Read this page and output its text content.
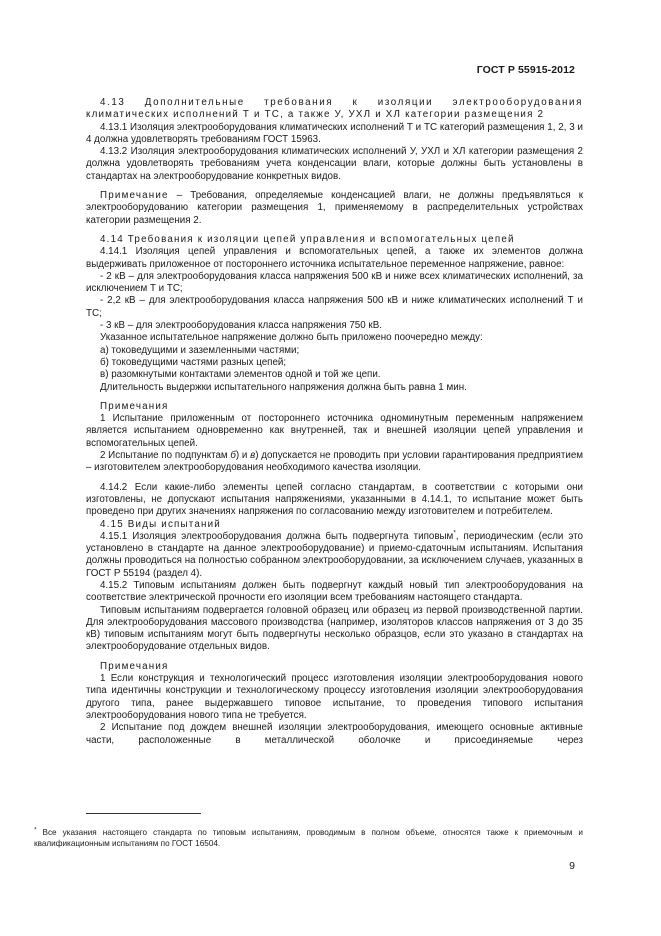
ГОСТ Р 55915-2012

4.13 Дополнительные требования к изоляции электрооборудования

климатических исполнений Т и ТС, а также У, УХЛ и ХЛ категории размещения 2

4.13.1 Изоляция электрооборудования климатических исполнений Т и ТС категорий размещения 1, 2, 3 и 4 должна удовлетворять требованиям ГОСТ 15963.

4.13.2 Изоляция электрооборудования климатических исполнений У, УХЛ и ХЛ категории размещения 2 должна удовлетворять требованиям учета конденсации влаги, которые должны быть установлены в стандартах на электрооборудование конкретных видов.

Примечание – Требования, определяемые конденсацией влаги, не должны предъявляться к электрооборудованию категории размещения 1, применяемому в распределительных устройствах категории размещения 2.

4.14 Требования к изоляции цепей управления и вспомогательных цепей

4.14.1 Изоляция цепей управления и вспомогательных цепей, а также их элементов должна выдерживать приложенное от постороннего источника испытательное переменное напряжение, равное:

- 2 кВ – для электрооборудования класса напряжения 500 кВ и ниже всех климатических исполнений, за исключением Т и ТС;

- 2,2 кВ – для электрооборудования класса напряжения 500 кВ и ниже климатических исполнений Т и ТС;

- 3 кВ – для электрооборудования класса напряжения 750 кВ.

Указанное испытательное напряжение должно быть приложено поочередно между:

а) токоведущими и заземленными частями;

б) токоведущими частями разных цепей;

в) разомкнутыми контактами элементов одной и той же цепи.

Длительность выдержки испытательного напряжения должна быть равна 1 мин.

Примечания

1 Испытание приложенным от постороннего источника одноминутным переменным напряжением является испытанием одновременно как внутренней, так и внешней изоляции цепей управления и вспомогательных цепей.

2 Испытание по подпунктам б) и в) допускается не проводить при условии гарантирования предприятием – изготовителем электрооборудования необходимого качества изоляции.

4.14.2 Если какие-либо элементы цепей согласно стандартам, в соответствии с которыми они изготовлены, не допускают испытания напряжениями, указанными в 4.14.1, то испытание может быть проведено при других значениях напряжения по согласованию между изготовителем и потребителем.

4.15 Виды испытаний

4.15.1 Изоляция электрооборудования должна быть подвергнута типовым*, периодическим (если это установлено в стандарте на данное электрооборудование) и приемо-сдаточным испытаниям. Испытания должны проводиться на полностью собранном электрооборудовании, за исключением случаев, указанных в ГОСТ Р 55194 (раздел 4).

4.15.2 Типовым испытаниям должен быть подвергнут каждый новый тип электрооборудования на соответствие электрической прочности его изоляции всем требованиям настоящего стандарта.

Типовым испытаниям подвергается головной образец или образец из первой производственной партии. Для электрооборудования массового производства (например, изоляторов классов напряжения от 3 до 35 кВ) типовым испытаниям могут быть подвергнуты несколько образцов, если это указано в стандартах на электрооборудование отдельных видов.

Примечания

1 Если конструкция и технологический процесс изготовления изоляции электрооборудования нового типа идентичны конструкции и технологическому процессу изготовления изоляции электрооборудования другого типа, ранее выдержавшего типовое испытание, то проведения типового испытания электрооборудования нового типа не требуется.

2 Испытание под дождем внешней изоляции электрооборудования, имеющего основные активные части, расположенные в металлической оболочке и присоединяемые через

* Все указания настоящего стандарта по типовым испытаниям, проводимым в полном объеме, относятся также к приемочным и квалификационным испытаниям по ГОСТ 16504.
9
